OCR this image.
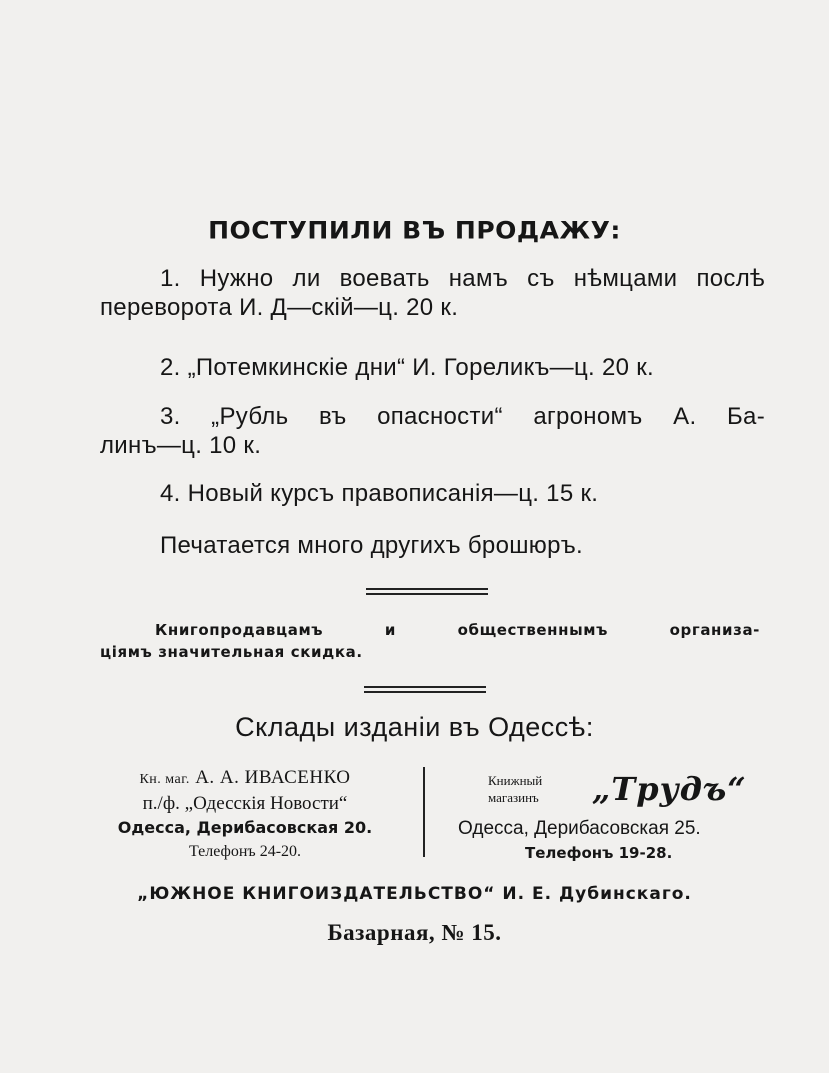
ПОСТУПИЛИ ВЪ ПРОДАЖУ:
1. Нужно ли воевать намъ съ нѣмцами послѣ
переворота И. Д—скiй—ц. 20 к.
2. „Потемкинскiе дни“ И. Гореликъ—ц. 20 к.
3. „Рубль въ опасности“ агрономъ А. Ба-
линъ—ц. 10 к.
4. Новый курсъ правописанiя—ц. 15 к.
Печатается много другихъ брошюръ.
Книгопродавцамъ и общественнымъ организа-
цiямъ значительная скидка.
Склады изданiи въ Одессѣ:
Кн. маг. А. А. ИВАСЕНКО
п./ф. „Одесскiя Новости“
Одесса, Дерибасовская 20.
Телефонъ 24-20.
Книжный
магазинъ	„Трудъ“
Одесса, Дерибасовская 25.
Телефонъ 19-28.
„ЮЖНОЕ КНИГОИЗДАТЕЛЬСТВО“ И. Е. Дубинскаго.
Базарная, № 15.
